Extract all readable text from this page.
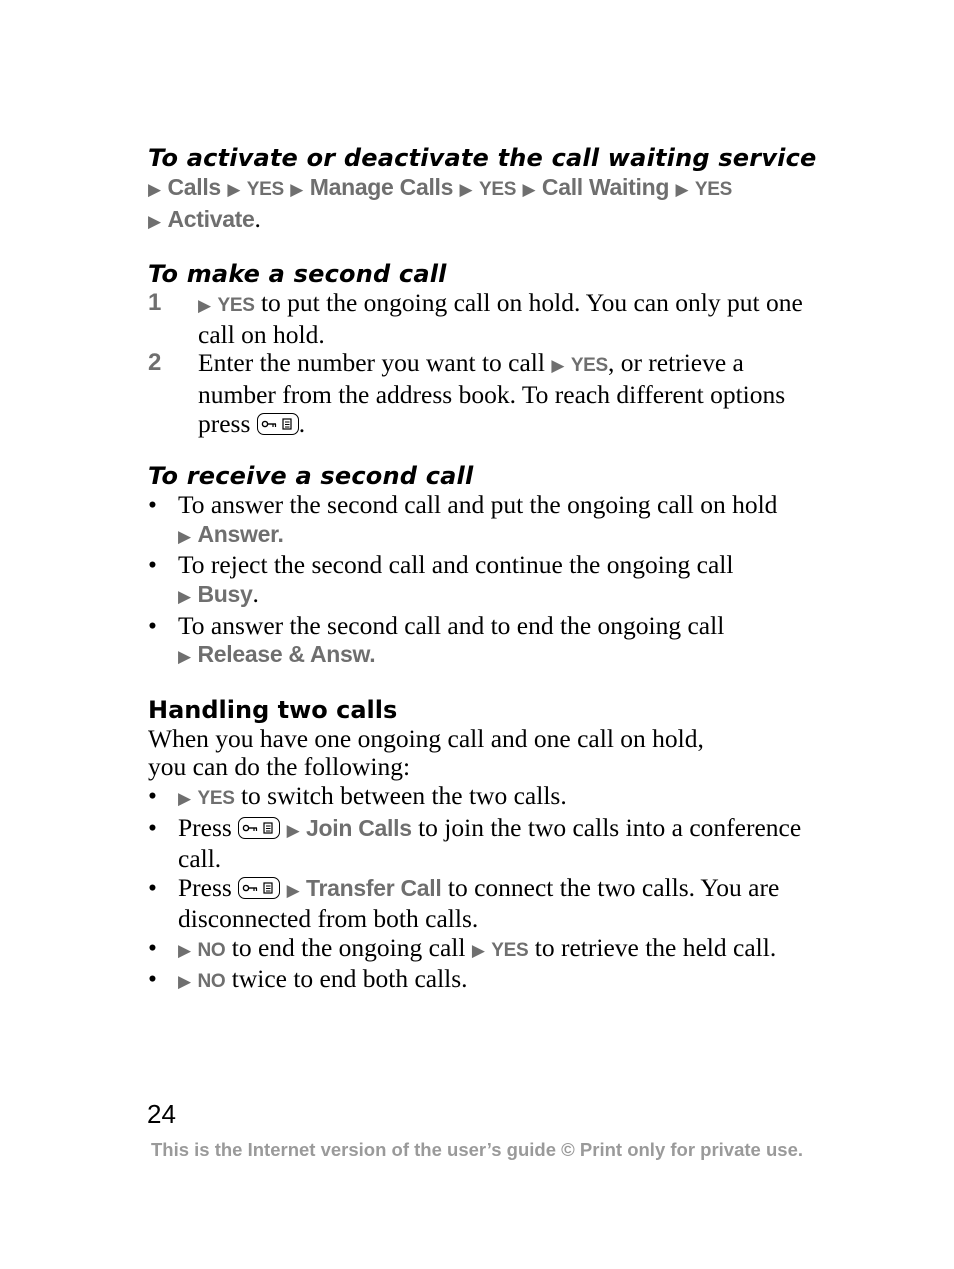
To activate or deactivate the call waiting service
▶ Calls ▶ YES ▶ Manage Calls ▶ YES ▶ Call Waiting ▶ YES
▶ Activate.
To make a second call
1 ▶ YES to put the ongoing call on hold. You can only put one call on hold.
2 Enter the number you want to call ▶ YES, or retrieve a number from the address book. To reach different options press .
To receive a second call
• To answer the second call and put the ongoing call on hold
▶ Answer.
• To reject the second call and continue the ongoing call
▶ Busy.
• To answer the second call and to end the ongoing call
▶ Release & Answ.
Handling two calls
When you have one ongoing call and one call on hold, you can do the following:
• ▶ YES to switch between the two calls.
• Press	▶ Join Calls to join the two calls into a conference call.
• Press	▶ Transfer Call to connect the two calls. You are disconnected from both calls.
• ▶ NO to end the ongoing call ▶ YES to retrieve the held call.
• ▶ NO twice to end both calls.
24
This is the Internet version of the user’s guide © Print only for private use.
